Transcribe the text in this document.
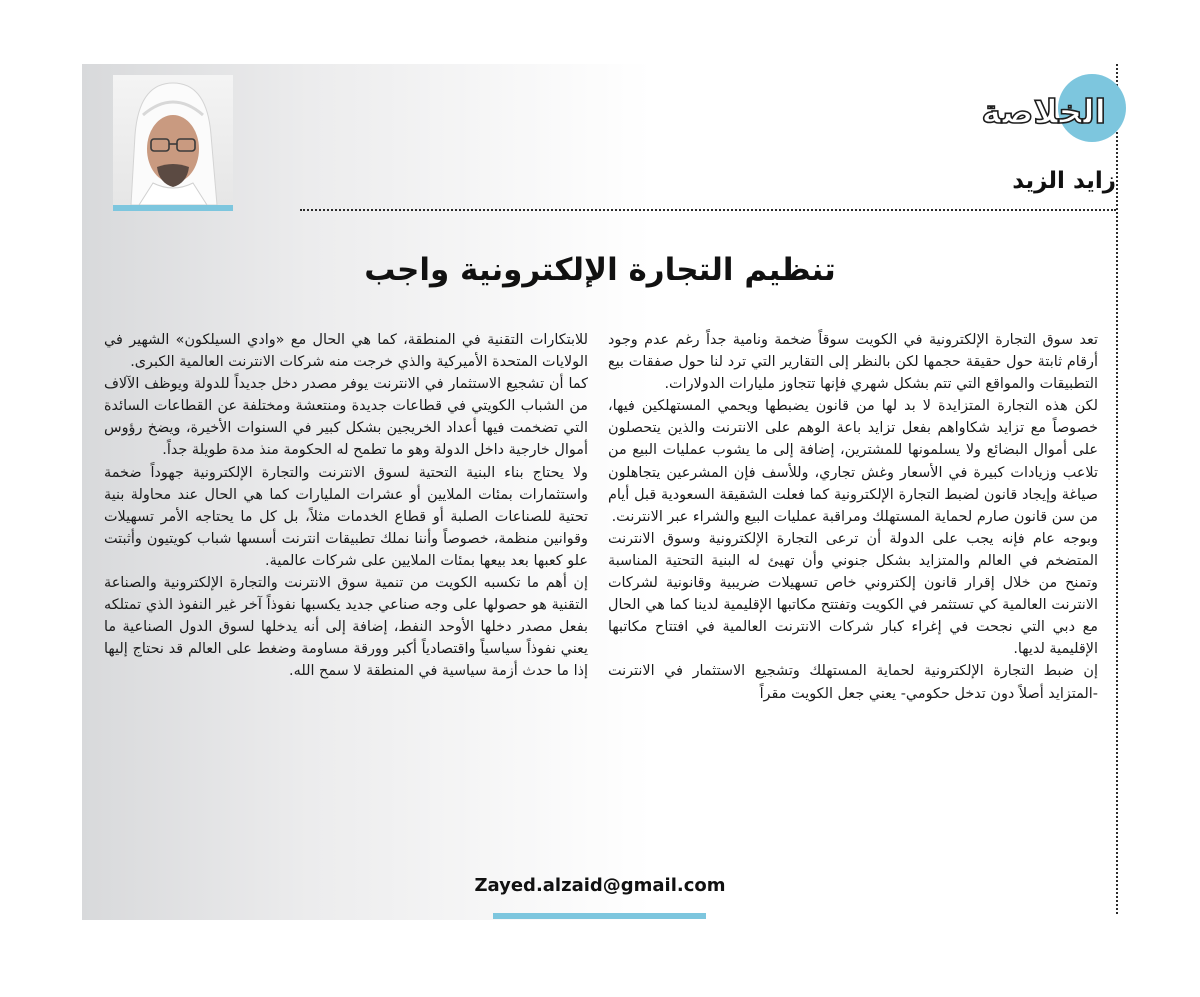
الخلاصة
زايد الزيد
تنظيم التجارة الإلكترونية واجب

تعد سوق التجارة الإلكترونية في الكويت سوقاً ضخمة ونامية جداً رغم عدم وجود أرقام ثابتة حول حقيقة حجمها لكن بالنظر إلى التقارير التي ترد لنا حول صفقات بيع التطبيقات والمواقع التي تتم بشكل شهري فإنها تتجاوز مليارات الدولارات.

لكن هذه التجارة المتزايدة لا بد لها من قانون يضبطها ويحمي المستهلكين فيها، خصوصاً مع تزايد شكاواهم بفعل تزايد باعة الوهم على الانترنت والذين يتحصلون على أموال البضائع ولا يسلمونها للمشترين، إضافة إلى ما يشوب عمليات البيع من تلاعب وزيادات كبيرة في الأسعار وغش تجاري، وللأسف فإن المشرعين يتجاهلون صياغة وإيجاد قانون لضبط التجارة الإلكترونية كما فعلت الشقيقة السعودية قبل أيام من سن قانون صارم لحماية المستهلك ومراقبة عمليات البيع والشراء عبر الانترنت.

وبوجه عام فإنه يجب على الدولة أن ترعى التجارة الإلكترونية وسوق الانترنت المتضخم في العالم والمتزايد بشكل جنوني وأن تهيئ له البنية التحتية المناسبة وتمنح من خلال إقرار قانون إلكتروني خاص تسهيلات ضريبية وقانونية لشركات الانترنت العالمية كي تستثمر في الكويت وتفتتح مكاتبها الإقليمية لدينا كما هي الحال مع دبي التي نجحت في إغراء كبار شركات الانترنت العالمية في افتتاح مكاتبها الإقليمية لديها.

إن ضبط التجارة الإلكترونية لحماية المستهلك وتشجيع الاستثمار في الانترنت -المتزايد أصلاً دون تدخل حكومي- يعني جعل الكويت مقراً

للابتكارات التقنية في المنطقة، كما هي الحال مع «وادي السيلكون» الشهير في الولايات المتحدة الأميركية والذي خرجت منه شركات الانترنت العالمية الكبرى.

كما أن تشجيع الاستثمار في الانترنت يوفر مصدر دخل جديداً للدولة ويوظف الآلاف من الشباب الكويتي في قطاعات جديدة ومنتعشة ومختلفة عن القطاعات السائدة التي تضخمت فيها أعداد الخريجين بشكل كبير في السنوات الأخيرة، ويضخ رؤوس أموال خارجية داخل الدولة وهو ما تطمح له الحكومة منذ مدة طويلة جداً.

ولا يحتاج بناء البنية التحتية لسوق الانترنت والتجارة الإلكترونية جهوداً ضخمة واستثمارات بمئات الملايين أو عشرات المليارات كما هي الحال عند محاولة بنية تحتية للصناعات الصلبة أو قطاع الخدمات مثلاً، بل كل ما يحتاجه الأمر تسهيلات وقوانين منظمة، خصوصاً وأننا نملك تطبيقات انترنت أسسها شباب كويتيون وأثبتت علو كعبها بعد بيعها بمئات الملايين على شركات عالمية.

إن أهم ما تكسبه الكويت من تنمية سوق الانترنت والتجارة الإلكترونية والصناعة التقنية هو حصولها على وجه صناعي جديد يكسبها نفوذاً آخر غير النفوذ الذي تمتلكه بفعل مصدر دخلها الأوحد النفط، إضافة إلى أنه يدخلها لسوق الدول الصناعية ما يعني نفوذاً سياسياً واقتصادياً أكبر وورقة مساومة وضغط على العالم قد نحتاج إليها إذا ما حدث أزمة سياسية في المنطقة لا سمح الله.

Zayed.alzaid@gmail.com
